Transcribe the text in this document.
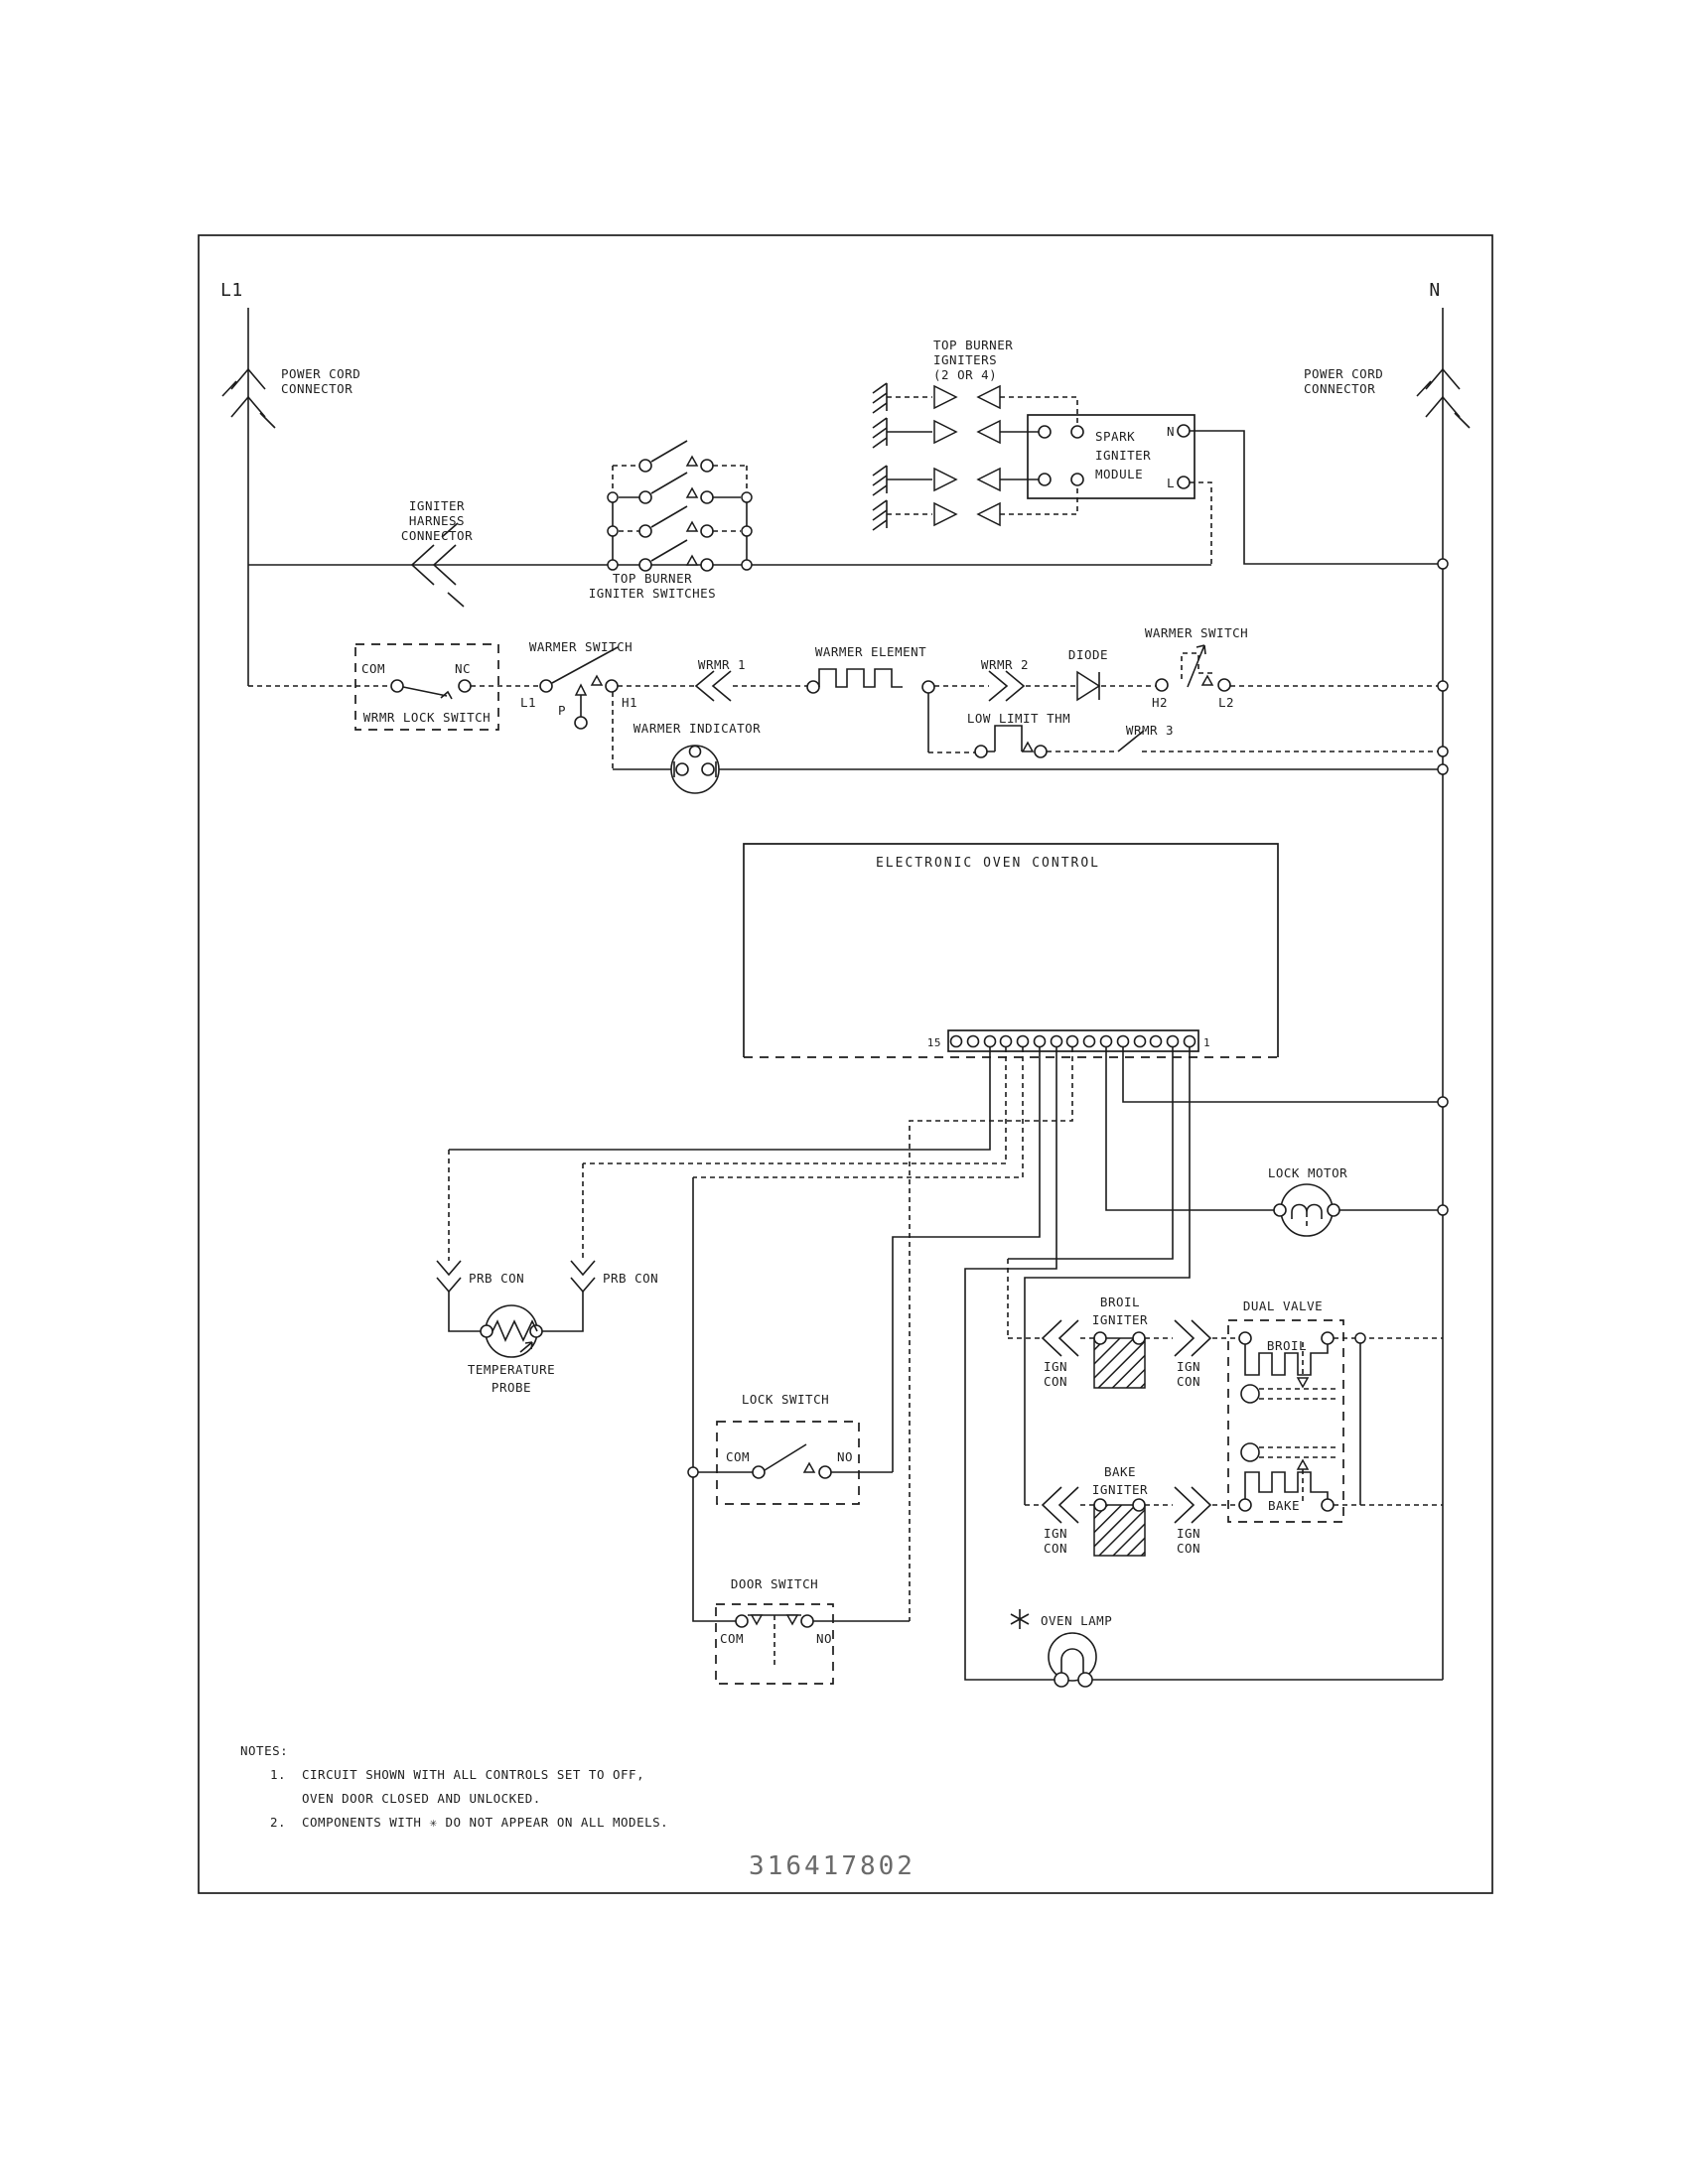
L1
POWER CORD
CONNECTOR
N
POWER CORD
CONNECTOR
TOP BURNER
IGNITERS
(2 OR 4)
SPARK
IGNITER
MODULE
N
L
IGNITER
HARNESS
CONNECTOR
TOP BURNER
IGNITER SWITCHES
COM	NC
WRMR LOCK SWITCH
WARMER SWITCH
L1
P
H1
WRMR 1
WARMER ELEMENT
WRMR 2
DIODE
H2
WARMER SWITCH
L2
LOW LIMIT THM
WRMR 3
WARMER INDICATOR
ELECTRONIC OVEN CONTROL
15	1
LOCK MOTOR
PRB CON	PRB CON
TEMPERATURE
PROBE
LOCK SWITCH
COM	NO
DOOR SWITCH
COM	NO
BROIL
IGNITER
IGN
CON
IGN
CON
DUAL VALVE
BROIL
BAKE
BAKE
IGNITER
IGN
CON
IGN
CON
OVEN LAMP
NOTES:
1. CIRCUIT SHOWN WITH ALL CONTROLS SET TO OFF,
OVEN DOOR CLOSED AND UNLOCKED.
2. COMPONENTS WITH ✳ DO NOT APPEAR ON ALL MODELS.
316417802
